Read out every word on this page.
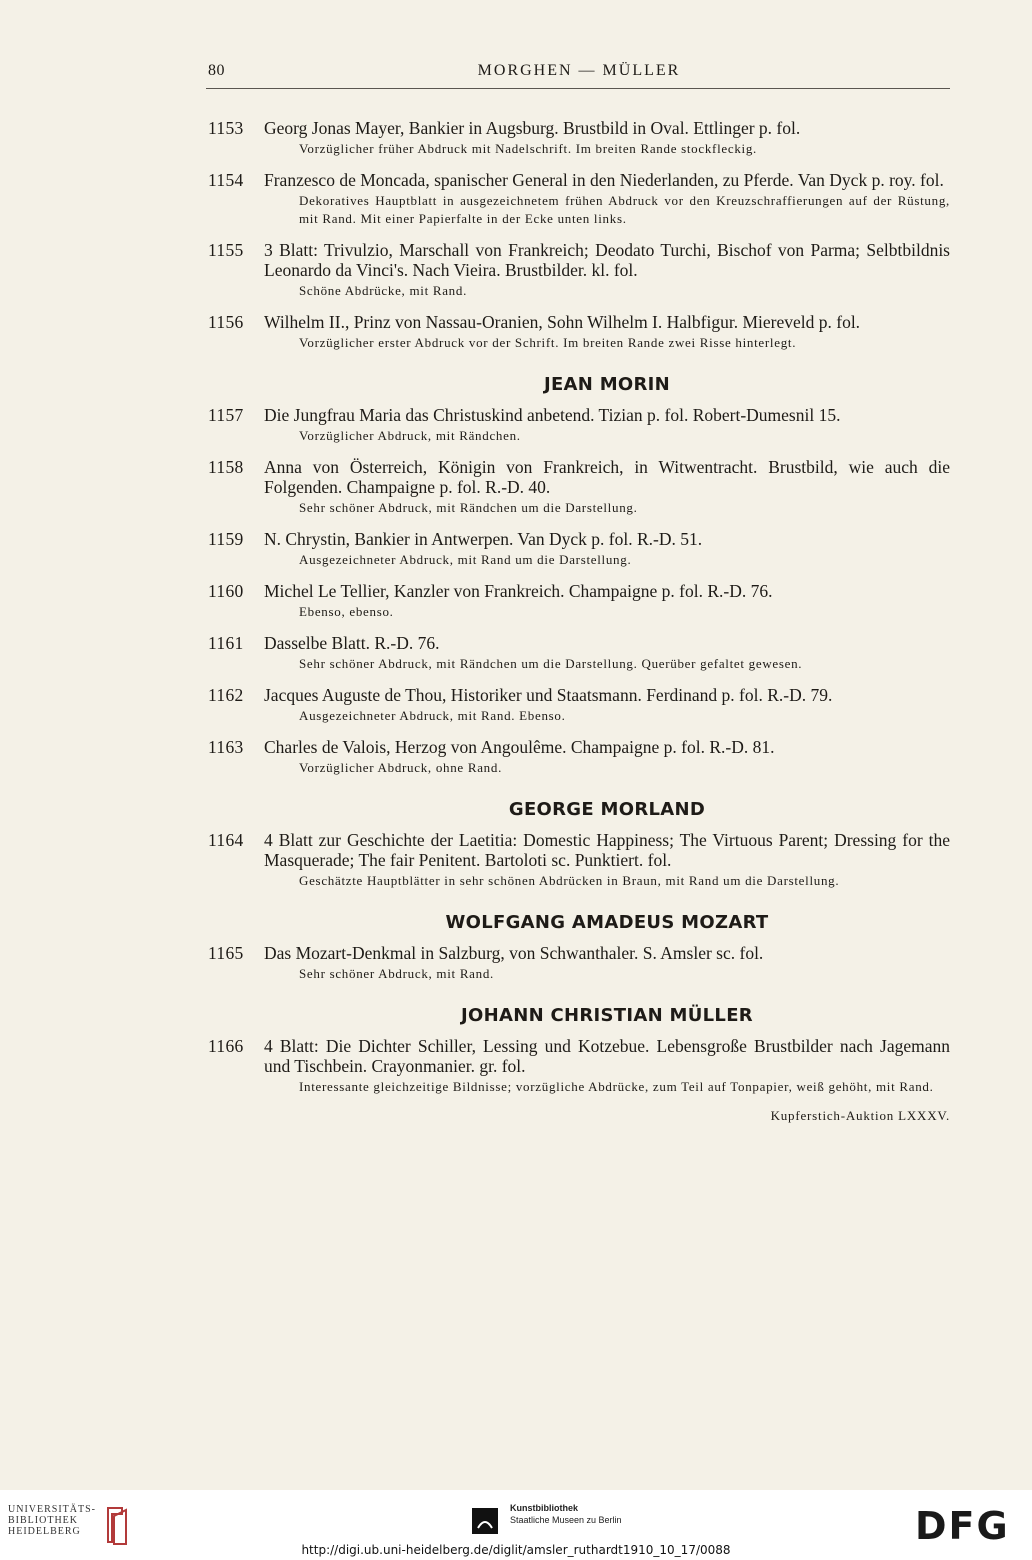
80	MORGHEN — MÜLLER
1153 Georg Jonas Mayer, Bankier in Augsburg. Brustbild in Oval. Ettlinger p. fol.
Vorzüglicher früher Abdruck mit Nadelschrift. Im breiten Rande stockfleckig.
1154 Franzesco de Moncada, spanischer General in den Niederlanden, zu Pferde. Van Dyck p. roy. fol.
Dekoratives Hauptblatt in ausgezeichnetem frühen Abdruck vor den Kreuzschraffierungen auf der Rüstung, mit Rand. Mit einer Papierfalte in der Ecke unten links.
1155 3 Blatt: Trivulzio, Marschall von Frankreich; Deodato Turchi, Bischof von Parma; Selbtbildnis Leonardo da Vinci's. Nach Vieira. Brustbilder. kl. fol.
Schöne Abdrücke, mit Rand.
1156 Wilhelm II., Prinz von Nassau-Oranien, Sohn Wilhelm I. Halbfigur. Miereveld p. fol.
Vorzüglicher erster Abdruck vor der Schrift. Im breiten Rande zwei Risse hinterlegt.
JEAN MORIN
1157 Die Jungfrau Maria das Christuskind anbetend. Tizian p. fol. Robert-Dumesnil 15.
Vorzüglicher Abdruck, mit Rändchen.
1158 Anna von Österreich, Königin von Frankreich, in Witwentracht. Brustbild, wie auch die Folgenden. Champaigne p. fol. R.-D. 40.
Sehr schöner Abdruck, mit Rändchen um die Darstellung.
1159 N. Chrystin, Bankier in Antwerpen. Van Dyck p. fol. R.-D. 51.
Ausgezeichneter Abdruck, mit Rand um die Darstellung.
1160 Michel Le Tellier, Kanzler von Frankreich. Champaigne p. fol. R.-D. 76.
Ebenso, ebenso.
1161 Dasselbe Blatt. R.-D. 76.
Sehr schöner Abdruck, mit Rändchen um die Darstellung. Querüber gefaltet gewesen.
1162 Jacques Auguste de Thou, Historiker und Staatsmann. Ferdinand p. fol. R.-D. 79.
Ausgezeichneter Abdruck, mit Rand. Ebenso.
1163 Charles de Valois, Herzog von Angoulême. Champaigne p. fol. R.-D. 81.
Vorzüglicher Abdruck, ohne Rand.
GEORGE MORLAND
1164 4 Blatt zur Geschichte der Laetitia: Domestic Happiness; The Virtuous Parent; Dressing for the Masquerade; The fair Penitent. Bartoloti sc. Punktiert. fol.
Geschätzte Hauptblätter in sehr schönen Abdrücken in Braun, mit Rand um die Darstellung.
WOLFGANG AMADEUS MOZART
1165 Das Mozart-Denkmal in Salzburg, von Schwanthaler. S. Amsler sc. fol.
Sehr schöner Abdruck, mit Rand.
JOHANN CHRISTIAN MÜLLER
1166 4 Blatt: Die Dichter Schiller, Lessing und Kotzebue. Lebensgroße Brustbilder nach Jagemann und Tischbein. Crayonmanier. gr. fol.
Interessante gleichzeitige Bildnisse; vorzügliche Abdrücke, zum Teil auf Tonpapier, weiß gehöht, mit Rand.
Kupferstich-Auktion LXXXV.
UNIVERSITÄTS-
BIBLIOTHEK
HEIDELBERG
Kunstbibliothek
Staatliche Museen zu Berlin	DFG
http://digi.ub.uni-heidelberg.de/diglit/amsler_ruthardt1910_10_17/0088
